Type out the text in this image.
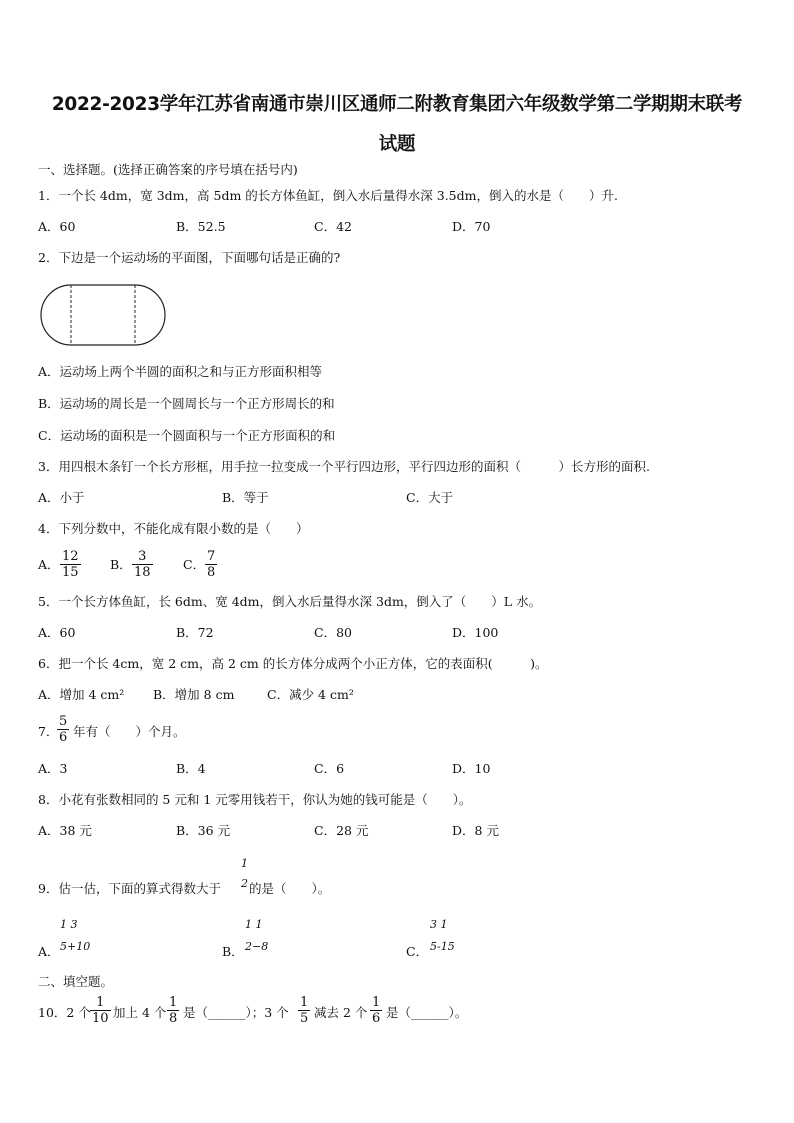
2022-2023学年江苏省南通市崇川区通师二附教育集团六年级数学第二学期期末联考
试题
一、选择题。(选择正确答案的序号填在括号内)
1．一个长 4dm，宽 3dm，高 5dm 的长方体鱼缸，倒入水后量得水深 3.5dm，倒入的水是（　　）升.
A．60	B．52.5	C．42	D．70
2．下边是一个运动场的平面图，下面哪句话是正确的?
A．运动场上两个半圆的面积之和与正方形面积相等
B．运动场的周长是一个圆周长与一个正方形周长的和
C．运动场的面积是一个圆面积与一个正方形面积的和
3．用四根木条钉一个长方形框，用手拉一拉变成一个平行四边形，平行四边形的面积（　　　）长方形的面积.
A．小于	B．等于	C．大于
4．下列分数中，不能化成有限小数的是（　　）
A． $\frac{12}{15}$ B． $\frac{3}{18}$ C． $\frac{7}{8}$
5．一个长方体鱼缸，长 6dm、宽 4dm，倒入水后量得水深 3dm，倒入了（　　）L 水。
A．60	B．72	C．80	D．100
6．把一个长 4cm，宽 2 cm，高 2 cm 的长方体分成两个小正方体，它的表面积(　　　)。
A．增加 4 cm² B．增加 8 cm	C．减少 4 cm²
7．
$\frac{5}{6}$ 年有（　　）个月。
A．3	B．4	C．6	D．10
8．小花有张数相同的 5 元和 1 元零用钱若干，你认为她的钱可能是（　　）。
A．38 元	B．36 元	C．28 元	D．8 元
9．估一估，下面的算式得数大于
1
2 的是（　　）。
A．
1 3
5+10	B．
1 1
2−8	C．
3 1
5-15
二、填空题。
10．2 个 $\frac{1}{10}$ 加上 4 个 $\frac{1}{8}$ 是（______）；3 个 $\frac{1}{5}$ 减去 2 个 $\frac{1}{6}$ 是（______）。
